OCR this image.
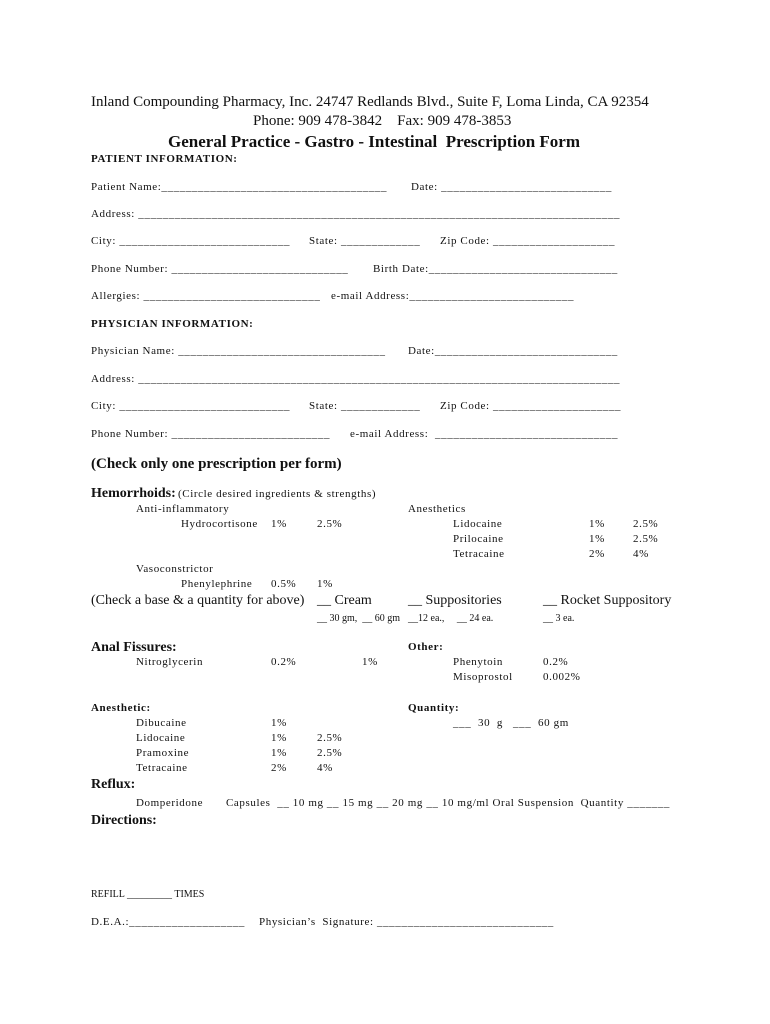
Inland Compounding Pharmacy, Inc. 24747 Redlands Blvd., Suite F, Loma Linda, CA 92354
Phone: 909 478-3842    Fax: 909 478-3853
General Practice - Gastro - Intestinal  Prescription Form
PATIENT INFORMATION:
Patient Name:_____________________________________ Date: ____________________________
Address: _______________________________________________________________________________
City: ____________________________ State: _____________ Zip Code: ____________________
Phone Number: _____________________________ Birth Date:_______________________________
Allergies: _____________________________ e-mail Address:___________________________
PHYSICIAN INFORMATION:
Physician Name: __________________________________ Date:______________________________
Address: _______________________________________________________________________________
City: ____________________________ State: _____________ Zip Code: _____________________
Phone Number: __________________________ e-mail Address:  ______________________________
(Check only one prescription per form)
Hemorrhoids: (Circle desired ingredients & strengths)
Anti-inflammatory
Hydrocortisone 1%	2.5%
Anesthetics
Lidocaine	1%	2.5%
Prilocaine	1%	2.5%
Tetracaine	2%	4%
Vasoconstrictor
Phenylephrine 0.5% 1%
(Check a base & a quantity for above) __ Cream	__ Suppositories	__ Rocket Suppository
__ 30 gm,  __ 60 gm __12 ea.,     __ 24 ea.	__ 3 ea.
Anal Fissures:
Nitroglycerin	0.2%	1%
Other:
Phenytoin	0.2%
Misoprostol	0.002%
Anesthetic:
Dibucaine	1%
Lidocaine	1%	2.5%
Pramoxine	1%	2.5%
Tetracaine	2%	4%
Quantity:
___  30  g   ___  60 gm
Reflux:
Domperidone Capsules  __ 10 mg __ 15 mg __ 20 mg __ 10 mg/ml Oral Suspension  Quantity _______
Directions:
REFILL _________ TIMES
D.E.A.:___________________ Physician’s  Signature: _____________________________
